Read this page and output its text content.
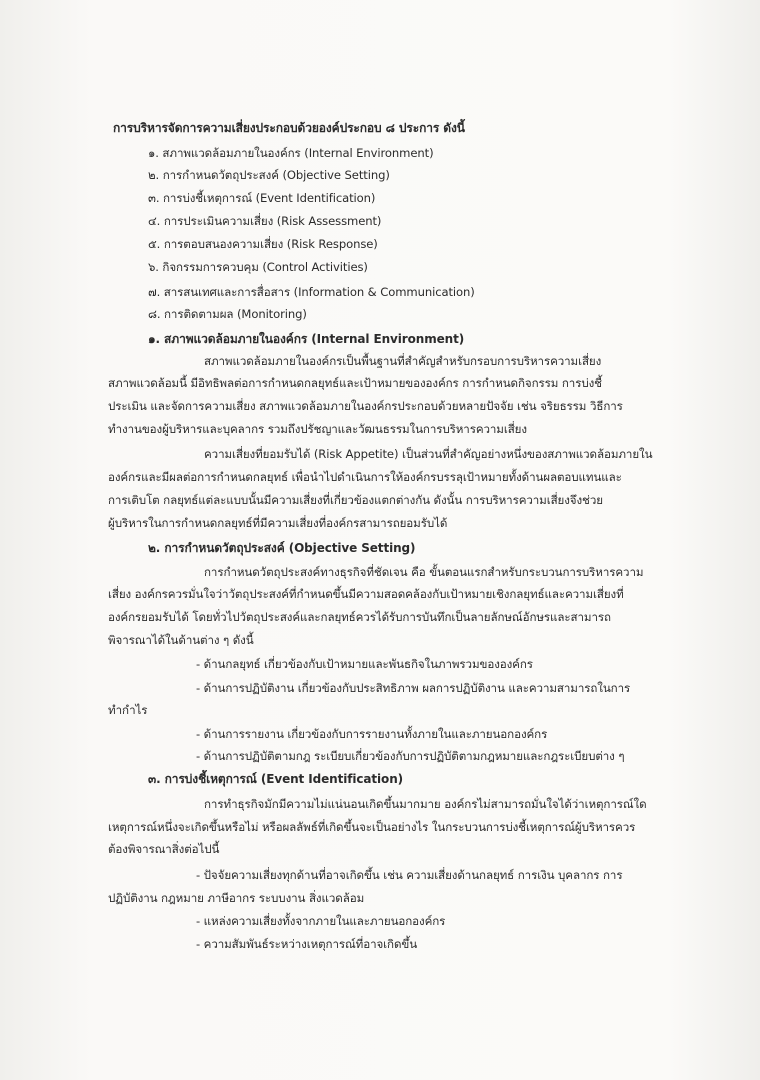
การบริหารจัดการความเสี่ยงประกอบด้วยองค์ประกอบ ๘ ประการ ดังนี้

๑. สภาพแวดล้อมภายในองค์กร (Internal Environment)

๒. การกำหนดวัตถุประสงค์ (Objective Setting)

๓. การบ่งชี้เหตุการณ์ (Event Identification)

๔. การประเมินความเสี่ยง (Risk Assessment)

๕. การตอบสนองความเสี่ยง (Risk Response)

๖. กิจกรรมการควบคุม (Control Activities)

๗. สารสนเทศและการสื่อสาร (Information & Communication)

๘. การติดตามผล (Monitoring)

๑. สภาพแวดล้อมภายในองค์กร (Internal Environment)

สภาพแวดล้อมภายในองค์กรเป็นพื้นฐานที่สำคัญสำหรับกรอบการบริหารความเสี่ยง

สภาพแวดล้อมนี้ มีอิทธิพลต่อการกำหนดกลยุทธ์และเป้าหมายขององค์กร การกำหนดกิจกรรม การบ่งชี้

ประเมิน และจัดการความเสี่ยง สภาพแวดล้อมภายในองค์กรประกอบด้วยหลายปัจจัย เช่น จริยธรรม วิธีการ

ทำงานของผู้บริหารและบุคลากร รวมถึงปรัชญาและวัฒนธรรมในการบริหารความเสี่ยง

ความเสี่ยงที่ยอมรับได้ (Risk Appetite) เป็นส่วนที่สำคัญอย่างหนึ่งของสภาพแวดล้อมภายใน

องค์กรและมีผลต่อการกำหนดกลยุทธ์ เพื่อนำไปดำเนินการให้องค์กรบรรลุเป้าหมายทั้งด้านผลตอบแทนและ

การเติบโต กลยุทธ์แต่ละแบบนั้นมีความเสี่ยงที่เกี่ยวข้องแตกต่างกัน ดังนั้น การบริหารความเสี่ยงจึงช่วย

ผู้บริหารในการกำหนดกลยุทธ์ที่มีความเสี่ยงที่องค์กรสามารถยอมรับได้

๒. การกำหนดวัตถุประสงค์ (Objective Setting)

การกำหนดวัตถุประสงค์ทางธุรกิจที่ชัดเจน คือ ขั้นตอนแรกสำหรับกระบวนการบริหารความ

เสี่ยง องค์กรควรมั่นใจว่าวัตถุประสงค์ที่กำหนดขึ้นมีความสอดคล้องกับเป้าหมายเชิงกลยุทธ์และความเสี่ยงที่

องค์กรยอมรับได้ โดยทั่วไปวัตถุประสงค์และกลยุทธ์ควรได้รับการบันทึกเป็นลายลักษณ์อักษรและสามารถ

พิจารณาได้ในด้านต่าง ๆ ดังนี้

- ด้านกลยุทธ์ เกี่ยวข้องกับเป้าหมายและพันธกิจในภาพรวมขององค์กร

- ด้านการปฏิบัติงาน เกี่ยวข้องกับประสิทธิภาพ ผลการปฏิบัติงาน และความสามารถในการ

ทำกำไร

- ด้านการรายงาน เกี่ยวข้องกับการรายงานทั้งภายในและภายนอกองค์กร

- ด้านการปฏิบัติตามกฎ ระเบียบเกี่ยวข้องกับการปฏิบัติตามกฎหมายและกฎระเบียบต่าง ๆ

๓. การบ่งชี้เหตุการณ์ (Event Identification)

การทำธุรกิจมักมีความไม่แน่นอนเกิดขึ้นมากมาย องค์กรไม่สามารถมั่นใจได้ว่าเหตุการณ์ใด

เหตุการณ์หนึ่งจะเกิดขึ้นหรือไม่ หรือผลลัพธ์ที่เกิดขึ้นจะเป็นอย่างไร ในกระบวนการบ่งชี้เหตุการณ์ผู้บริหารควร

ต้องพิจารณาสิ่งต่อไปนี้

- ปัจจัยความเสี่ยงทุกด้านที่อาจเกิดขึ้น เช่น ความเสี่ยงด้านกลยุทธ์ การเงิน บุคลากร การ

ปฏิบัติงาน กฎหมาย ภาษีอากร ระบบงาน สิ่งแวดล้อม

- แหล่งความเสี่ยงทั้งจากภายในและภายนอกองค์กร

- ความสัมพันธ์ระหว่างเหตุการณ์ที่อาจเกิดขึ้น
